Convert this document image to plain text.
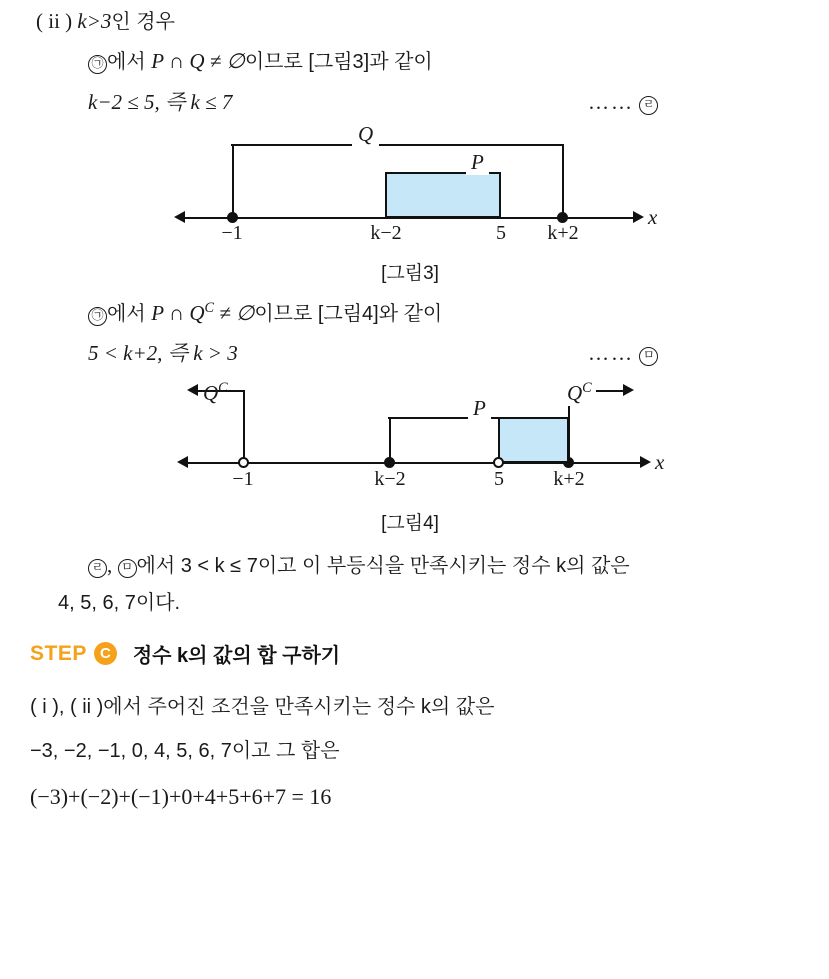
( ii ) k>3인 경우
㉠ 에서 P ∩ Q ≠ ∅이므로 [그림3]과 같이
k−2 ≤ 5, 즉 k ≤ 7	…… ㄹ
x
Q
P
−1	k−2	5	k+2
[그림3]
㉠ 에서 P ∩ $Q^C$ ≠ ∅이므로 [그림4]와 같이
5 < k+2, 즉 k > 3	…… ㅁ
x
$Q^C$	$Q^C$
P
−1	k−2	5	k+2
[그림4]
ㄹ , ㅁ 에서 3 < k ≤ 7이고 이 부등식을 만족시키는 정수 k의 값은
4, 5, 6, 7이다.
STEP C	정수 k의 값의 합 구하기
( i ), ( ii )에서 주어진 조건을 만족시키는 정수 k의 값은
−3, −2, −1, 0, 4, 5, 6, 7이고 그 합은
(−3)+(−2)+(−1)+0+4+5+6+7 = 16
